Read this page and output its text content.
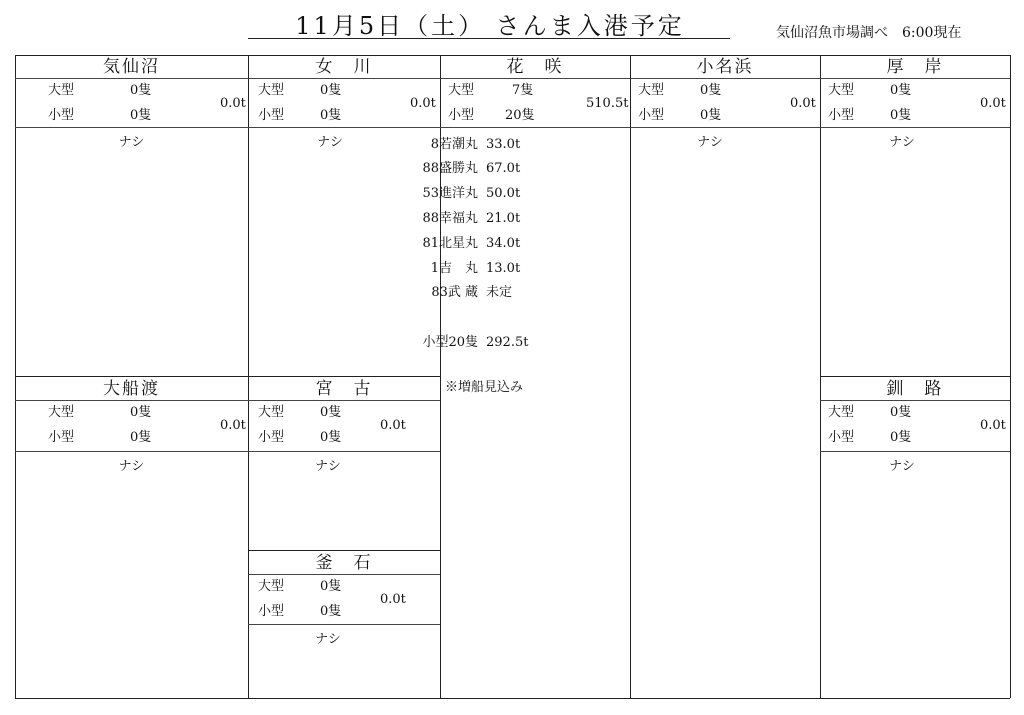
11月5日（土） さんま入港予定	気仙沼魚市場調べ　6:00現在
気仙沼
大型	0隻
小型	0隻
0.0t
ナシ
女　川
大型	0隻
小型	0隻
0.0t
ナシ
花　咲
大型	7隻
小型 20隻
510.5t
8若潮丸 33.0t
88盛勝丸 67.0t
53進洋丸 50.0t
88幸福丸 21.0t
81北星丸 34.0t
1吉　丸 13.0t
83武 蔵 未定
小型20隻 292.5t
※増船見込み
小名浜
大型	0隻
小型	0隻
0.0t
ナシ
厚　岸
大型	0隻
小型	0隻
0.0t
ナシ
大船渡
大型	0隻
小型	0隻
0.0t
ナシ
宮　古
大型	0隻
小型	0隻
0.0t
ナシ
釜　石
大型	0隻
小型	0隻
0.0t
ナシ
釧　路
大型	0隻
小型	0隻
0.0t
ナシ
